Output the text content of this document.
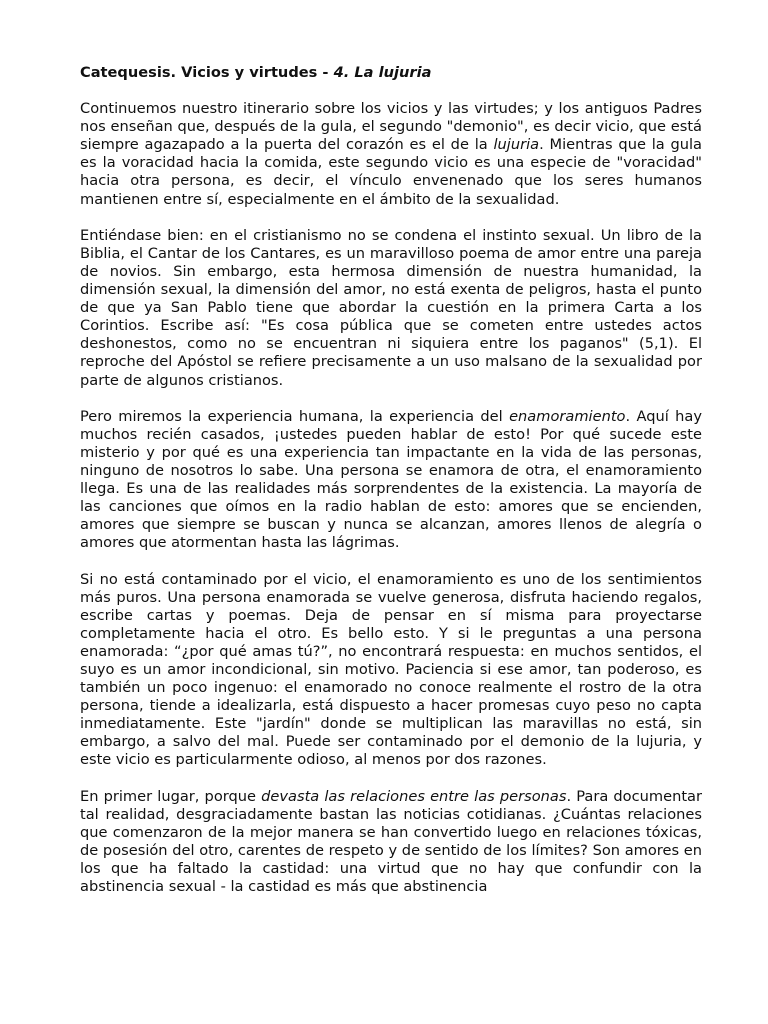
Catequesis. Vicios y virtudes - 4. La lujuria

Continuemos nuestro itinerario sobre los vicios y las virtudes; y los antiguos Padres nos enseñan que, después de la gula, el segundo "demonio", es decir vicio, que está siempre agazapado a la puerta del corazón es el de la lujuria. Mientras que la gula es la voracidad hacia la comida, este segundo vicio es una especie de "voracidad" hacia otra persona, es decir, el vínculo envenenado que los seres humanos mantienen entre sí, especialmente en el ámbito de la sexualidad.

Entiéndase bien: en el cristianismo no se condena el instinto sexual. Un libro de la Biblia, el Cantar de los Cantares, es un maravilloso poema de amor entre una pareja de novios. Sin embargo, esta hermosa dimensión de nuestra humanidad, la dimensión sexual, la dimensión del amor, no está exenta de peligros, hasta el punto de que ya San Pablo tiene que abordar la cuestión en la primera Carta a los Corintios. Escribe así: "Es cosa pública que se cometen entre ustedes actos deshonestos, como no se encuentran ni siquiera entre los paganos" (5,1). El reproche del Apóstol se refiere precisamente a un uso malsano de la sexualidad por parte de algunos cristianos.

Pero miremos la experiencia humana, la experiencia del enamoramiento. Aquí hay muchos recién casados, ¡ustedes pueden hablar de esto! Por qué sucede este misterio y por qué es una experiencia tan impactante en la vida de las personas, ninguno de nosotros lo sabe. Una persona se enamora de otra, el enamoramiento llega. Es una de las realidades más sorprendentes de la existencia. La mayoría de las canciones que oímos en la radio hablan de esto: amores que se encienden, amores que siempre se buscan y nunca se alcanzan, amores llenos de alegría o amores que atormentan hasta las lágrimas.

Si no está contaminado por el vicio, el enamoramiento es uno de los sentimientos más puros. Una persona enamorada se vuelve generosa, disfruta haciendo regalos, escribe cartas y poemas. Deja de pensar en sí misma para proyectarse completamente hacia el otro. Es bello esto. Y si le preguntas a una persona enamorada: “¿por qué amas tú?”, no encontrará respuesta: en muchos sentidos, el suyo es un amor incondicional, sin motivo. Paciencia si ese amor, tan poderoso, es también un poco ingenuo: el enamorado no conoce realmente el rostro de la otra persona, tiende a idealizarla, está dispuesto a hacer promesas cuyo peso no capta inmediatamente. Este "jardín" donde se multiplican las maravillas no está, sin embargo, a salvo del mal. Puede ser contaminado por el demonio de la lujuria, y este vicio es particularmente odioso, al menos por dos razones.

En primer lugar, porque devasta las relaciones entre las personas. Para documentar tal realidad, desgraciadamente bastan las noticias cotidianas. ¿Cuántas relaciones que comenzaron de la mejor manera se han convertido luego en relaciones tóxicas, de posesión del otro, carentes de respeto y de sentido de los límites? Son amores en los que ha faltado la castidad: una virtud que no hay que confundir con la abstinencia sexual - la castidad es más que abstinencia
